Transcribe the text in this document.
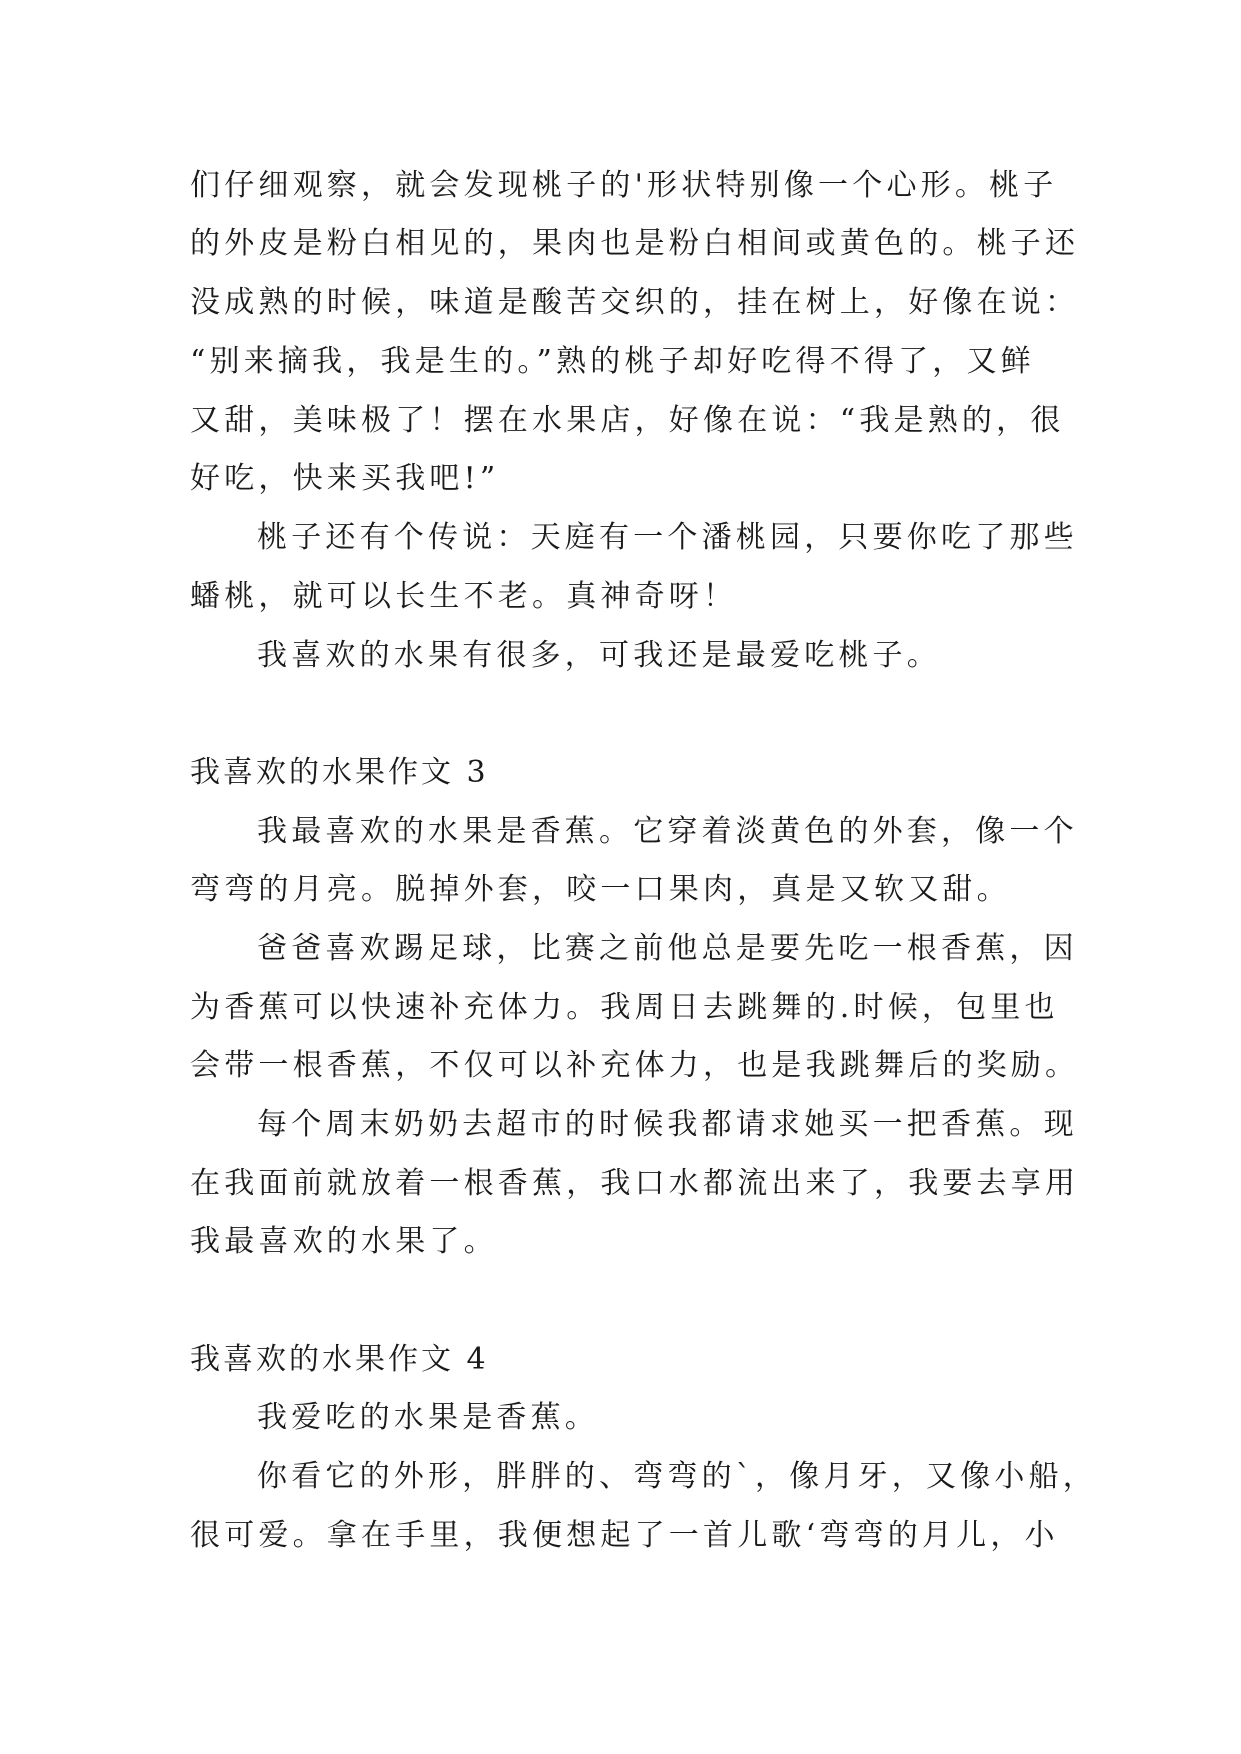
们仔细观察，就会发现桃子的'形状特别像一个心形。桃子
的外皮是粉白相见的，果肉也是粉白相间或黄色的。桃子还
没成熟的时候，味道是酸苦交织的，挂在树上，好像在说：
“别来摘我，我是生的。”熟的桃子却好吃得不得了，又鲜
又甜，美味极了！摆在水果店，好像在说：“我是熟的，很
好吃，快来买我吧!”
桃子还有个传说：天庭有一个潘桃园，只要你吃了那些
蟠桃，就可以长生不老。真神奇呀！
我喜欢的水果有很多，可我还是最爱吃桃子。
我喜欢的水果作文 3
我最喜欢的水果是香蕉。它穿着淡黄色的外套，像一个
弯弯的月亮。脱掉外套，咬一口果肉，真是又软又甜。
爸爸喜欢踢足球，比赛之前他总是要先吃一根香蕉，因
为香蕉可以快速补充体力。我周日去跳舞的.时候，包里也
会带一根香蕉，不仅可以补充体力，也是我跳舞后的奖励。
每个周末奶奶去超市的时候我都请求她买一把香蕉。现
在我面前就放着一根香蕉，我口水都流出来了，我要去享用
我最喜欢的水果了。
我喜欢的水果作文 4
我爱吃的水果是香蕉。
你看它的外形，胖胖的、弯弯的`，像月牙，又像小船，
很可爱。拿在手里，我便想起了一首儿歌‘弯弯的月儿，小
